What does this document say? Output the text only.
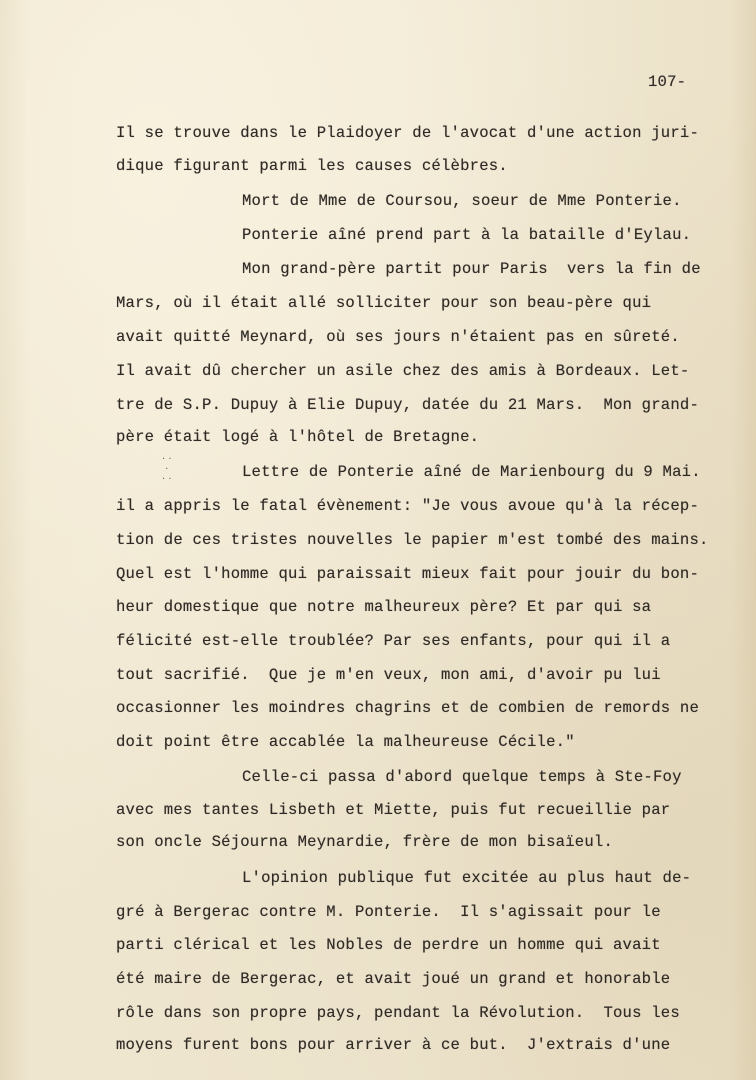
107-
· ·
·
· ·
Il se trouve dans le Plaidoyer de l'avocat d'une action juri-
dique figurant parmi les causes célèbres.
Mort de Mme de Coursou, soeur de Mme Ponterie.
Ponterie aîné prend part à la bataille d'Eylau.
Mon grand-père partit pour Paris  vers la fin de
Mars, où il était allé solliciter pour son beau-père qui
avait quitté Meynard, où ses jours n'étaient pas en sûreté.
Il avait dû chercher un asile chez des amis à Bordeaux. Let-
tre de S.P. Dupuy à Elie Dupuy, datée du 21 Mars.  Mon grand-
père était logé à l'hôtel de Bretagne.
Lettre de Ponterie aîné de Marienbourg du 9 Mai.
il a appris le fatal évènement: "Je vous avoue qu'à la récep-
tion de ces tristes nouvelles le papier m'est tombé des mains.
Quel est l'homme qui paraissait mieux fait pour jouir du bon-
heur domestique que notre malheureux père? Et par qui sa
félicité est-elle troublée? Par ses enfants, pour qui il a
tout sacrifié.  Que je m'en veux, mon ami, d'avoir pu lui
occasionner les moindres chagrins et de combien de remords ne
doit point être accablée la malheureuse Cécile."
Celle-ci passa d'abord quelque temps à Ste-Foy
avec mes tantes Lisbeth et Miette, puis fut recueillie par
son oncle Séjourna Meynardie, frère de mon bisaïeul.
L'opinion publique fut excitée au plus haut de-
gré à Bergerac contre M. Ponterie.  Il s'agissait pour le
parti clérical et les Nobles de perdre un homme qui avait
été maire de Bergerac, et avait joué un grand et honorable
rôle dans son propre pays, pendant la Révolution.  Tous les
moyens furent bons pour arriver à ce but.  J'extrais d'une
